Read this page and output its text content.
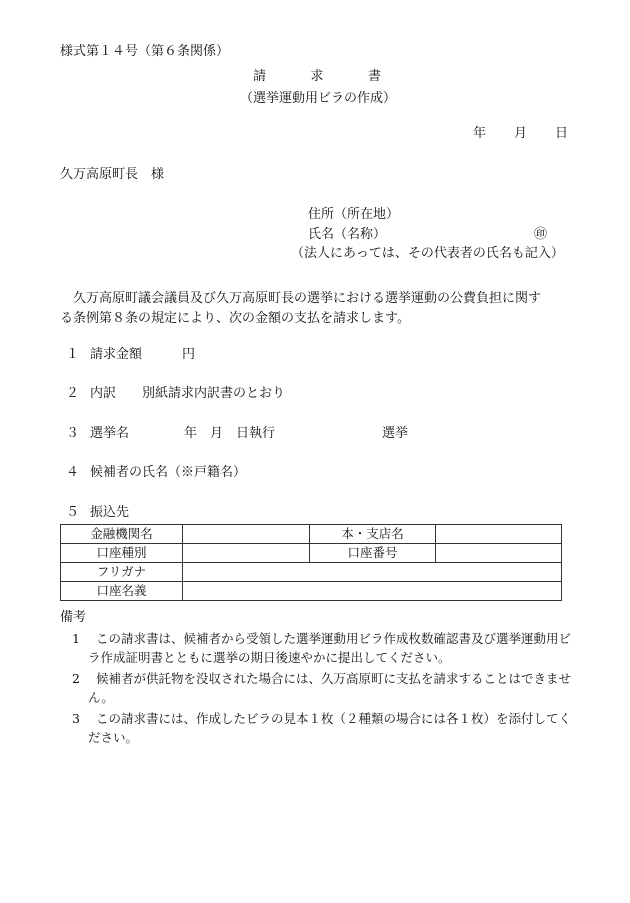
様式第１４号（第６条関係）
請	求	書
（選挙運動用ビラの作成）
年 月 日
久万高原町長　様
住所（所在地）
氏名（名称）	㊞
（法人にあっては、その代表者の氏名も記入）
久万高原町議会議員及び久万高原町長の選挙における選挙運動の公費負担に関す
る条例第８条の規定により、次の金額の支払を請求します。
１ 請求金額	円
２ 内訳 別紙請求内訳書のとおり
３ 選挙名	年 月 日執行	選挙
４ 候補者の氏名（※戸籍名）
５ 振込先
金融機関名		本・支店名	
口座種別		口座番号	
フリガナ			
口座名義			
備考
1	この請求書は、候補者から受領した選挙運動用ビラ作成枚数確認書及び選挙運動用ビ
ラ作成証明書とともに選挙の期日後速やかに提出してください。
2	候補者が供託物を没収された場合には、久万高原町に支払を請求することはできませ
ん。
3	この請求書には、作成したビラの見本１枚（２種類の場合には各１枚）を添付してく
ださい。
